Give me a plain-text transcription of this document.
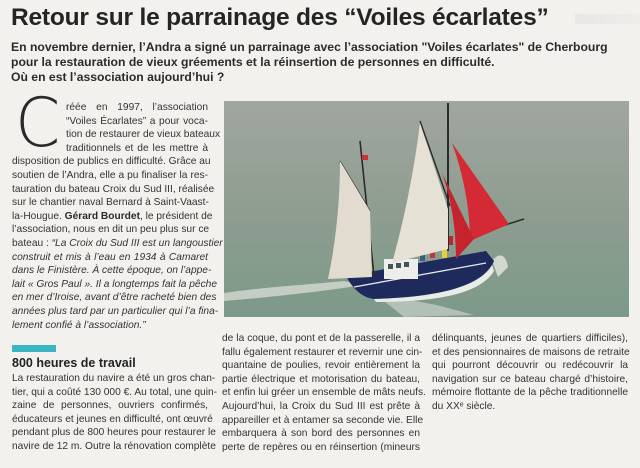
Retour sur le parrainage des “Voiles écarlates”
En novembre dernier, l’Andra a signé un parrainage avec l’association "Voiles écarlates" de Cherbourg
pour la restauration de vieux gréements et la réinsertion de personnes en difficulté.
Où en est l’association aujourd’hui ?
C réée en 1997, l’association
“Voiles Écarlates” a pour voca-
tion de restaurer de vieux bateaux
traditionnels et de les mettre à
disposition de publics en difficulté. Grâce au
soutien de l’Andra, elle a pu finaliser la res-
tauration du bateau Croix du Sud III, réalisée
sur le chantier naval Bernard à Saint-Vaast-
la-Hougue. Gérard Bourdet, le président de
l’association, nous en dit un peu plus sur ce
bateau : “La Croix du Sud III est un langoustier
construit et mis à l’eau en 1934 à Camaret
dans le Finistère. À cette époque, on l’appe-
lait « Gros Paul ». Il a longtemps fait la pêche
en mer d’Iroise, avant d’être racheté bien des
années plus tard par un particulier qui l’a fina-
lement confié à l’association.”
800 heures de travail
La restauration du navire a été un gros chan-
tier, qui a coûté 130 000 €. Au total, une quin-
zaine de personnes, ouvriers confirmés,
éducateurs et jeunes en difficulté, ont œuvré
pendant plus de 800 heures pour restaurer le
navire de 12 m. Outre la rénovation complète
de la coque, du pont et de la passerelle, il a
fallu également restaurer et revernir une cin-
quantaine de poulies, revoir entièrement la
partie électrique et motorisation du bateau,
et enfin lui gréer un ensemble de mâts neufs.
Aujourd’hui, la Croix du Sud III est prête à
appareiller et à entamer sa seconde vie. Elle
embarquera à son bord des personnes en
perte de repères ou en réinsertion (mineurs
délinquants, jeunes de quartiers difficiles),
et des pensionnaires de maisons de retraite
qui pourront découvrir ou redécouvrir la
navigation sur ce bateau chargé d’histoire,
mémoire flottante de la pêche traditionnelle
du XXᵉ siècle.
